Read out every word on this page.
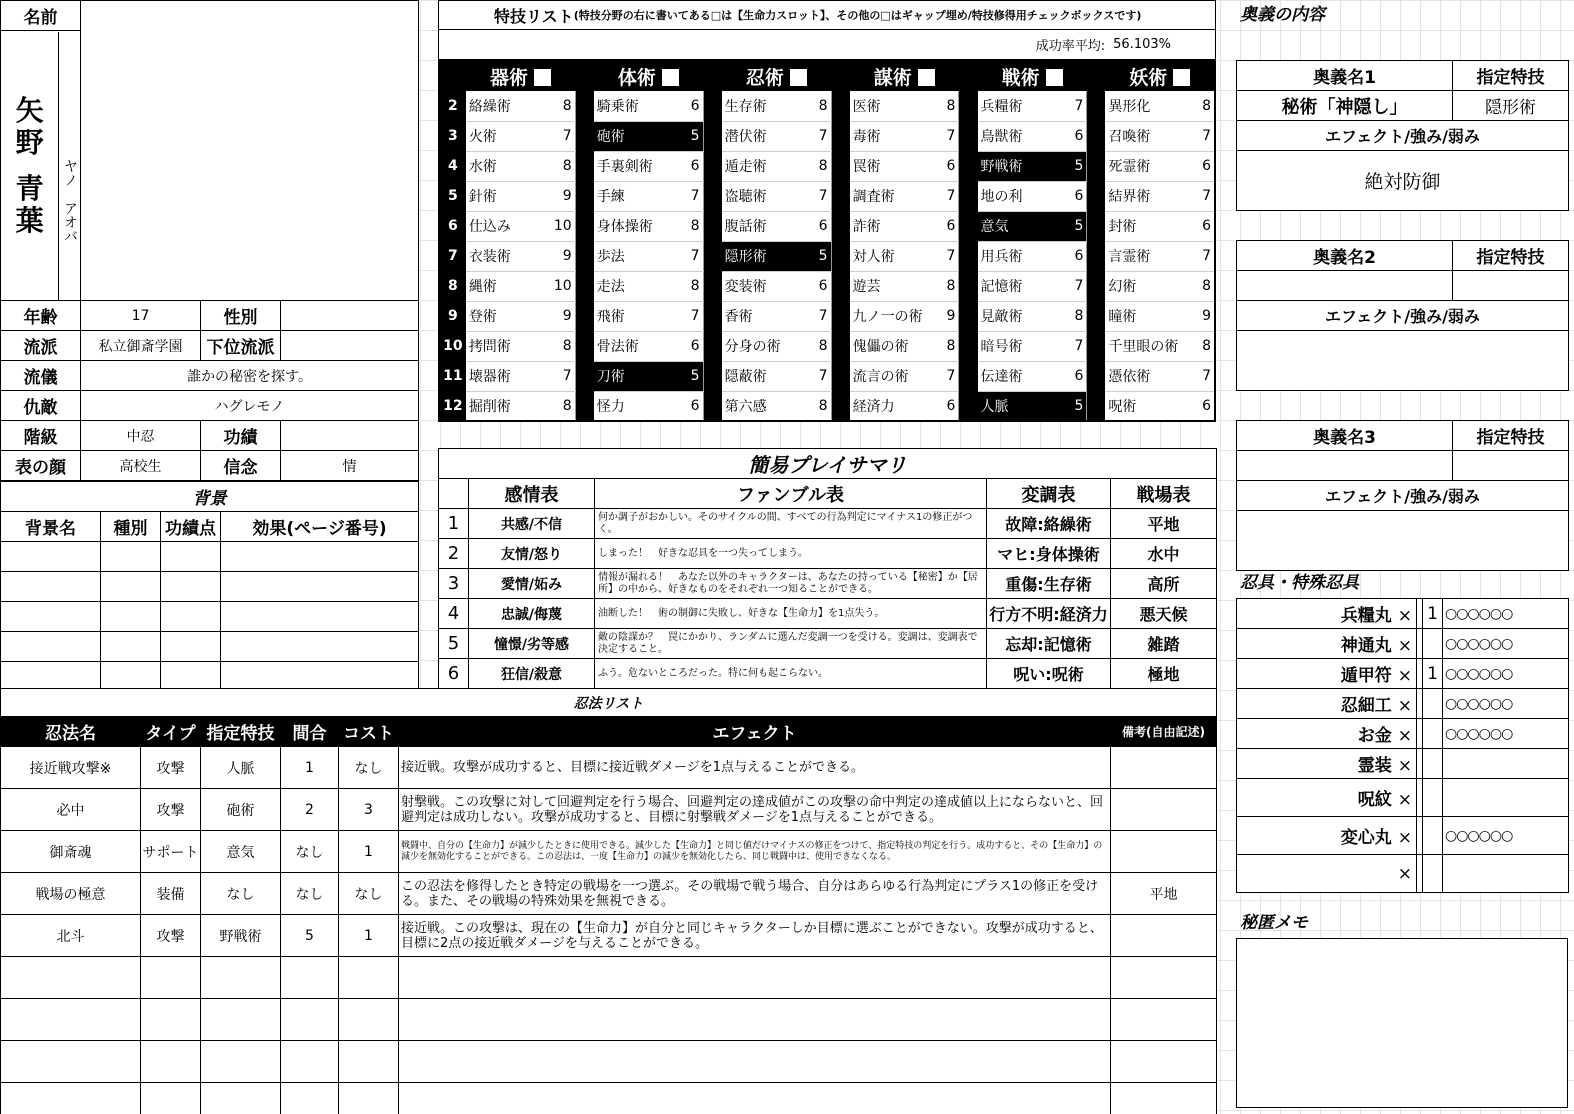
名前			

矢
野
青
葉 ヤノ　アオバ			

年齢	17	性別	
流派	私立御斎学園	下位流派	
流儀	誰かの秘密を探す。		
仇敵	ハグレモノ		
階級	中忍	功績	
表の顔	高校生	信念	情
背景			
背景名	種別	功績点	効果(ページ番号)

特技リスト (特技分野の右に書いてある□は【生命力スロット】、その他の□はギャップ埋め/特技修得用チェックボックスです)
成功率平均: 56.103%
	器術			体術			忍術			謀術			戦術			妖術	
2	絡繰術	8		騎乗術	6		生存術	8		医術	8		兵糧術	7		異形化	8
3	火術	7		砲術	5		潜伏術	7		毒術	7		鳥獣術	6		召喚術	7
4	水術	8		手裏剣術	6		遁走術	8		罠術	6		野戦術	5		死霊術	6
5	針術	9		手練	7		盗聴術	7		調査術	7		地の利	6		結界術	7
6	仕込み	10		身体操術	8		腹話術	6		詐術	6		意気	5		封術	6
7	衣装術	9		歩法	7		隠形術	5		対人術	7		用兵術	6		言霊術	7
8	縄術	10		走法	8		変装術	6		遊芸	8		記憶術	7		幻術	8
9	登術	9		飛術	7		香術	7		九ノ一の術	9		見敵術	8		瞳術	9
10	拷問術	8		骨法術	6		分身の術	8		傀儡の術	8		暗号術	7		千里眼の術	8
11	壊器術	7		刀術	5		隠蔽術	7		流言の術	7		伝達術	6		憑依術	7
12	掘削術	8		怪力	6		第六感	8		経済力	6		人脈	5		呪術	6
簡易プレイサマリ				
	感情表	ファンブル表	変調表	戦場表
1	共感/不信	何か調子がおかしい。そのサイクルの間、すべての行為判定にマイナス1の修正がつく。	故障:絡繰術	平地
2	友情/怒り	しまった！　好きな忍具を一つ失ってしまう。	マヒ:身体操術	水中
3	愛情/妬み	情報が漏れる！　あなた以外のキャラクターは、あなたの持っている【秘密】か【居所】の中から、好きなものをそれぞれ一つ知ることができる。	重傷:生存術	高所
4	忠誠/侮蔑	油断した！　術の制御に失敗し、好きな【生命力】を1点失う。	行方不明:経済力	悪天候
5	憧憬/劣等感	敵の陰謀か？　罠にかかり、ランダムに選んだ変調一つを受ける。変調は、変調表で決定すること。	忘却:記憶術	雑踏
6	狂信/殺意	ふう。危ないところだった。特に何も起こらない。	呪い:呪術	極地
忍法リスト						
忍法名	タイプ	指定特技	間合	コスト	エフェクト	備考(自由記述)
接近戦攻撃※	攻撃	人脈	1	なし	接近戦。攻撃が成功すると、目標に接近戦ダメージを1点与えることができる。	
必中	攻撃	砲術	2	3	射撃戦。この攻撃に対して回避判定を行う場合、回避判定の達成値がこの攻撃の命中判定の達成値以上にならないと、回避判定は成功しない。攻撃が成功すると、目標に射撃戦ダメージを1点与えることができる。	
御斎魂	サポート	意気	なし	1	戦闘中、自分の【生命力】が減少したときに使用できる。減少した【生命力】と同じ値だけマイナスの修正をつけて、指定特技の判定を行う。成功すると、その【生命力】の減少を無効化することができる。この忍法は、一度【生命力】の減少を無効化したら、同じ戦闘中は、使用できなくなる。	
戦場の極意	装備	なし	なし	なし	この忍法を修得したとき特定の戦場を一つ選ぶ。その戦場で戦う場合、自分はあらゆる行為判定にプラス1の修正を受ける。また、その戦場の特殊効果を無視できる。	平地
北斗	攻撃	野戦術	5	1	接近戦。この攻撃は、現在の【生命力】が自分と同じキャラクターしか目標に選ぶことができない。攻撃が成功すると、目標に2点の接近戦ダメージを与えることができる。	

奥義の内容
奥義名1	指定特技
秘術「神隠し」	隠形術
エフェクト/強み/弱み	
絶対防御	
奥義名2	指定特技

エフェクト/強み/弱み	

奥義名3	指定特技

エフェクト/強み/弱み	

忍具・特殊忍具
兵糧丸 ×		1	○○○○○○
神通丸 ×			○○○○○○
遁甲符 ×		1	○○○○○○
忍細工 ×			○○○○○○
お金 ×			○○○○○○
霊装 ×			
呪紋 ×			
変心丸 ×			○○○○○○
×			
秘匿メモ
